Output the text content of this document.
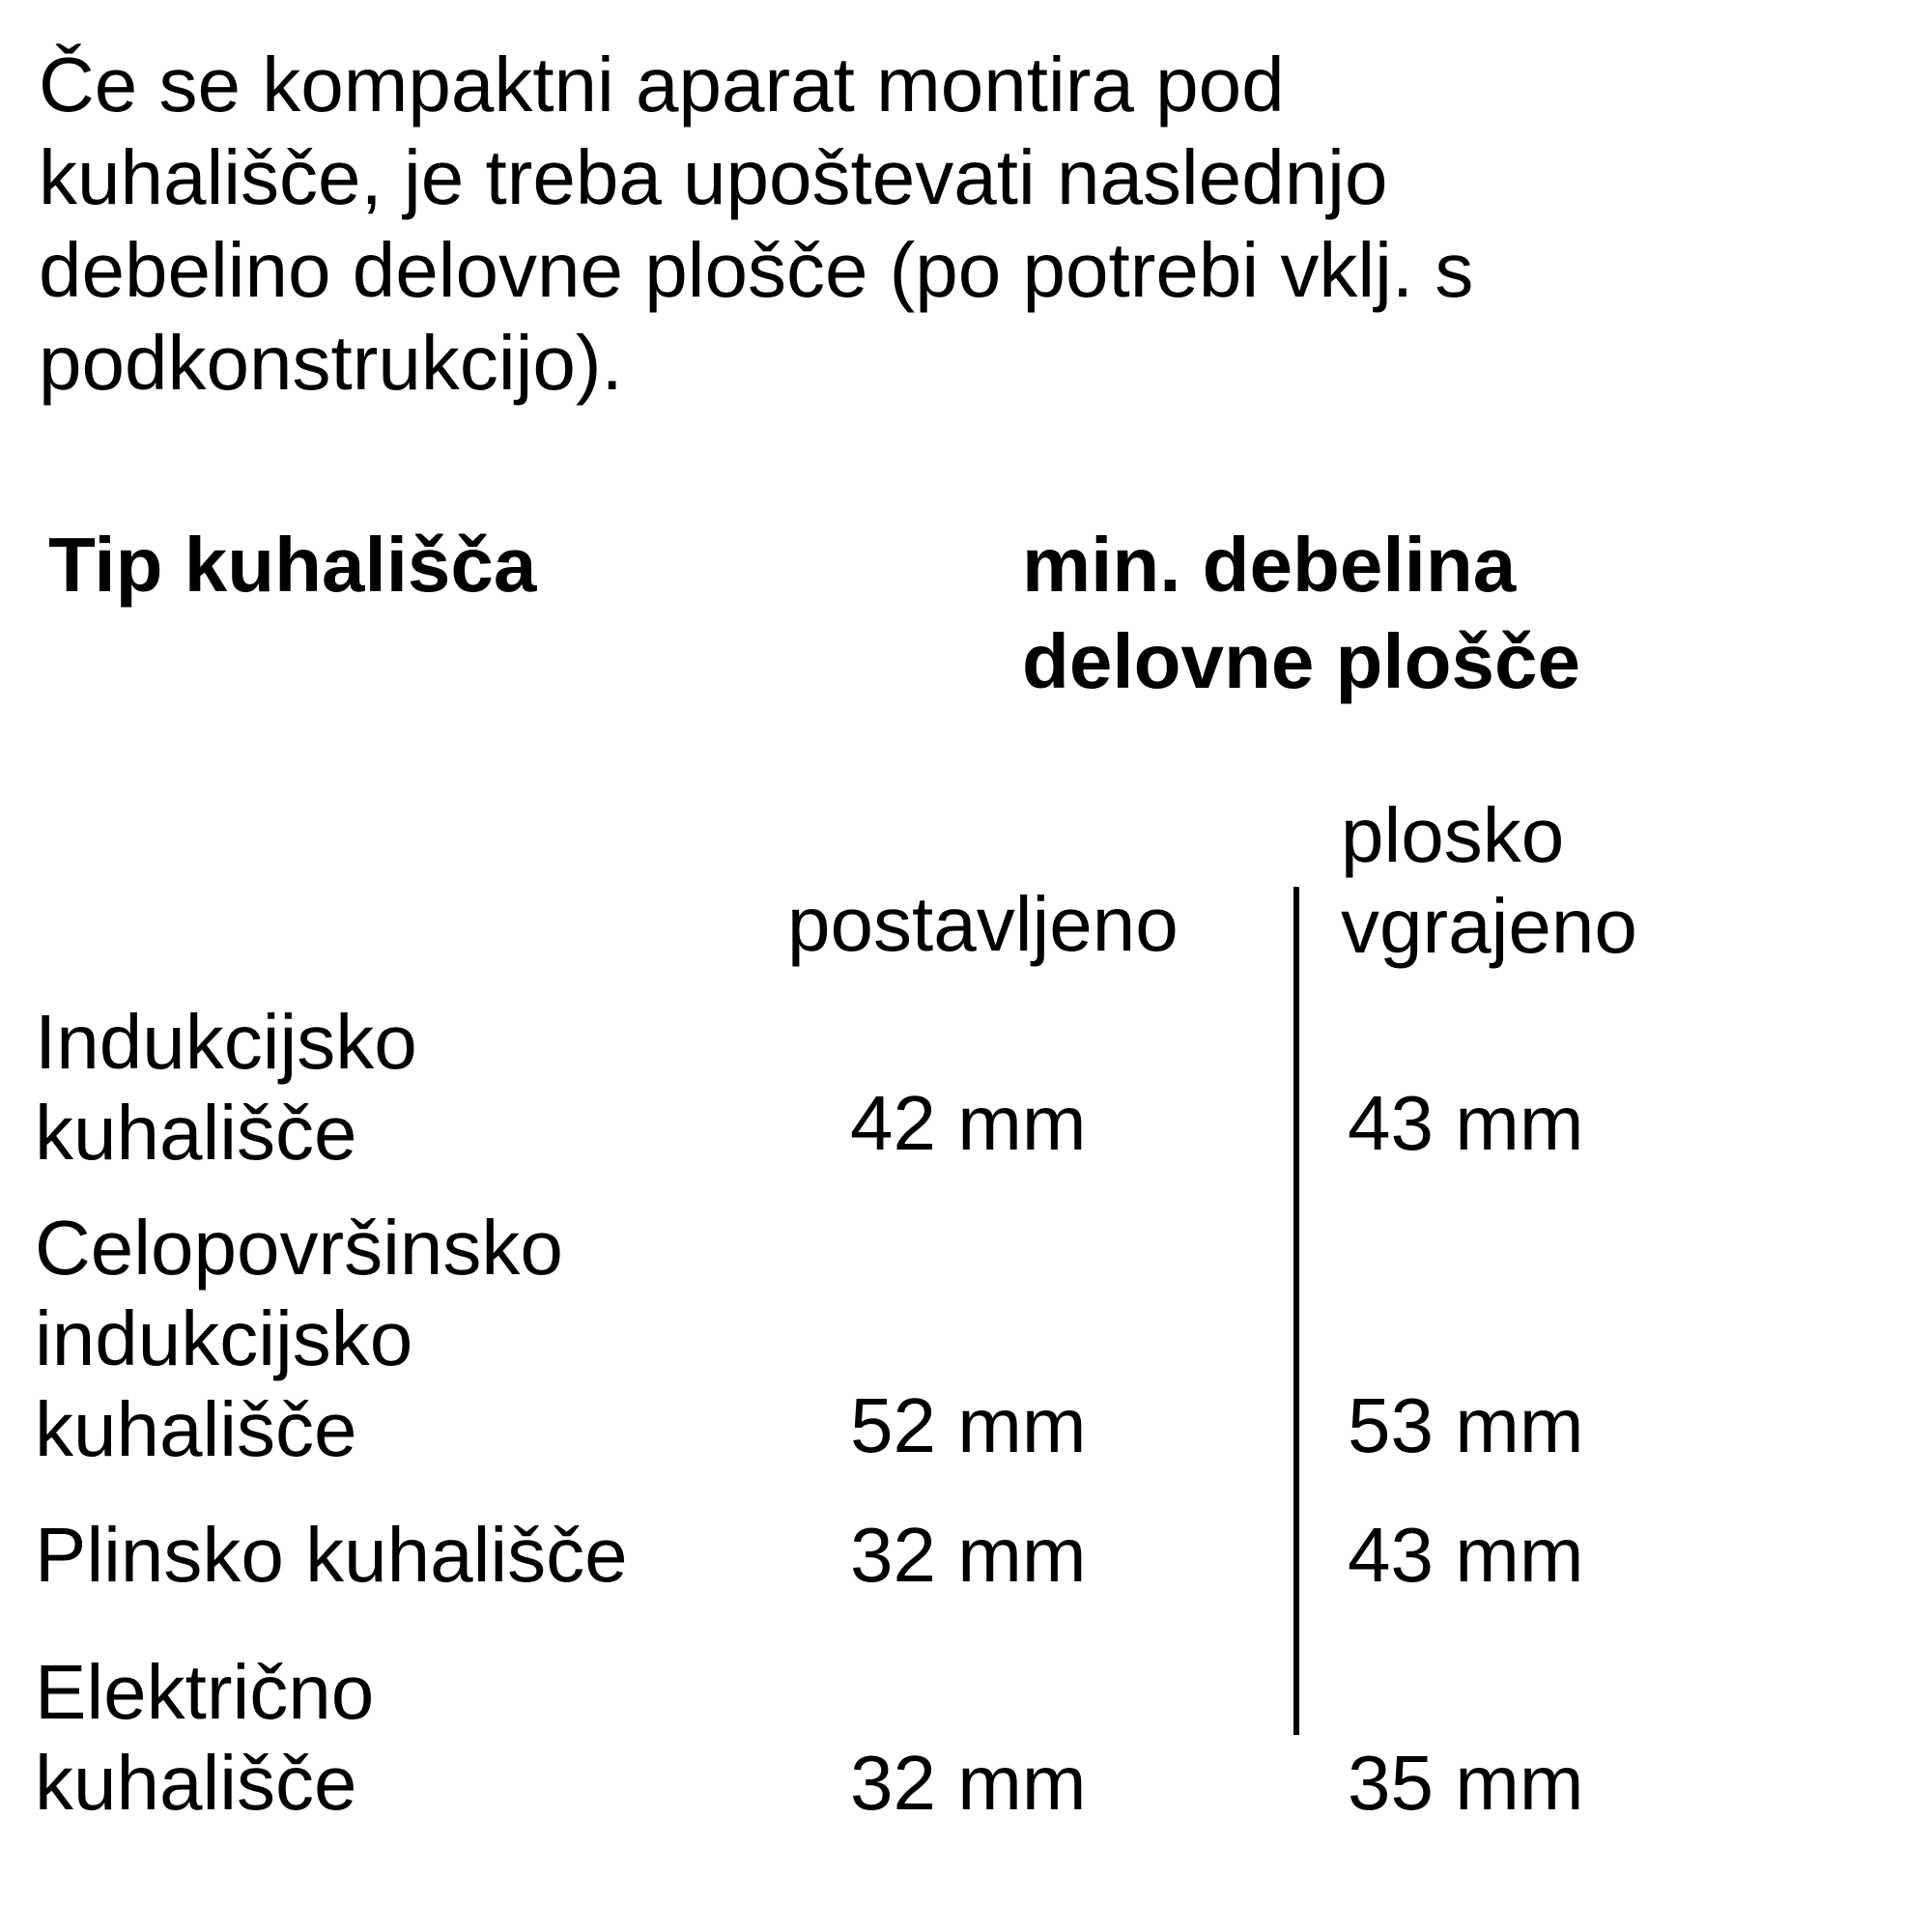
Če se kompaktni aparat montira pod
kuhališče, je treba upoštevati naslednjo
debelino delovne plošče (po potrebi vklj. s
podkonstrukcijo).

Tip kuhališča	min. debelina
delovne plošče
postavljeno
plosko
vgrajeno
Indukcijsko
kuhališče	42 mm	43 mm
Celopovršinsko
indukcijsko
kuhališče	52 mm	53 mm
Plinsko kuhališče	32 mm	43 mm
Električno
kuhališče	32 mm	35 mm
